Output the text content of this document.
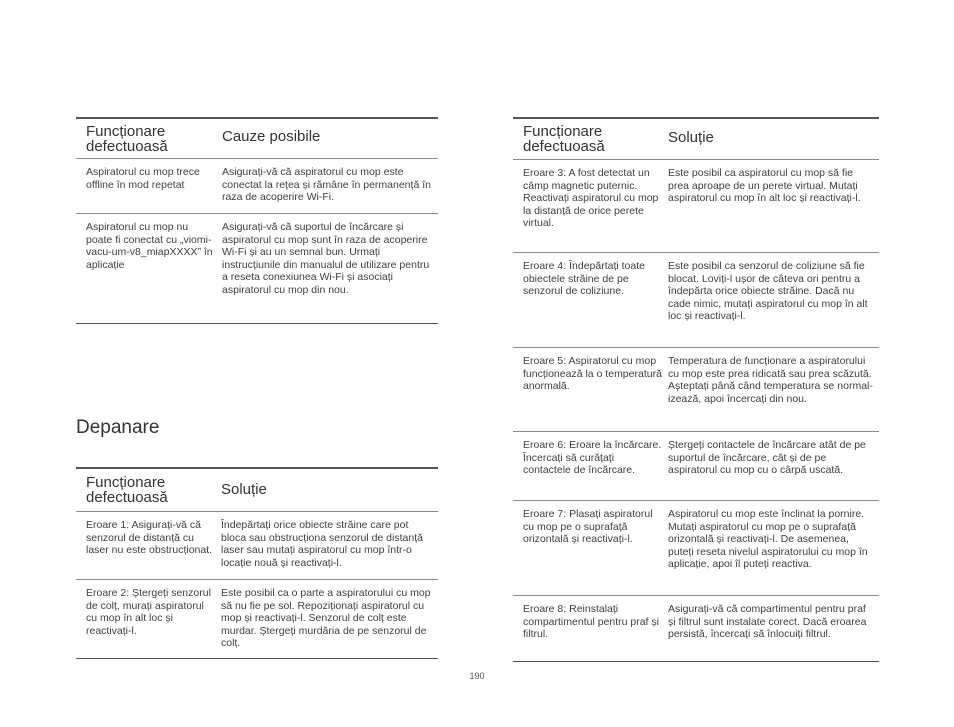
Funcționare defectuoasă
Cauze posibile
Aspiratorul cu mop trece offline în mod repetat
Asigurați-vă că aspiratorul cu mop este conectat la rețea și rămâne în permanență în raza de acoperire Wi-Fi.
Aspiratorul cu mop nu poate fi conectat cu „viomi-vacu-um-v8_miapXXXX” în aplicație
Asigurați-vă că suportul de încărcare și aspiratorul cu mop sunt în raza de acoperire Wi-Fi și au un semnal bun. Urmați instrucțiunile din manualul de utilizare pentru a reseta conexiunea Wi-Fi și asociați aspiratorul cu mop din nou.
Depanare
Funcționare defectuoasă	Soluție
Eroare 1: Asigurați-vă că senzorul de distanță cu laser nu este obstrucționat.
Îndepărtați orice obiecte străine care pot bloca sau obstrucționa senzorul de distanță laser sau mutați aspiratorul cu mop într-o locație nouă și reactivați-l.
Eroare 2: Ștergeți senzorul de colț, murați aspiratorul cu mop în alt loc și reactivați-l.
Este posibil ca o parte a aspiratorului cu mop să nu fie pe sol. Repoziționați aspiratorul cu mop și reactivați-l. Senzorul de colț este murdar. Ștergeți murdăria de pe senzorul de colț.
Funcționare defectuoasă
Soluție
Eroare 3: A fost detectat un câmp magnetic puternic. Reactivați aspiratorul cu mop la distanță de orice perete virtual.
Este posibil ca aspiratorul cu mop să fie prea aproape de un perete virtual. Mutați aspiratorul cu mop în alt loc și reactivați-l.
Eroare 4: Îndepărtați toate obiectele străine de pe senzorul de coliziune.
Este posibil ca senzorul de coliziune să fie blocat. Loviți-l ușor de câteva ori pentru a îndepărta orice obiecte străine. Dacă nu cade nimic, mutați aspiratorul cu mop în alt loc și reactivați-l.
Eroare 5: Aspiratorul cu mop funcționează la o temperatură anormală.
Temperatura de funcționare a aspiratorului cu mop este prea ridicată sau prea scăzută. Așteptați până când temperatura se normal-izează, apoi încercați din nou.
Eroare 6: Eroare la încărcare. Încercați să curățați contactele de încărcare.
Ștergeți contactele de încărcare atât de pe suportul de încărcare, cât și de pe aspiratorul cu mop cu o cârpă uscată.
Eroare 7: Plasați aspiratorul cu mop pe o suprafață orizontală și reactivați-l.
Aspiratorul cu mop este înclinat la pornire. Mutați aspiratorul cu mop pe o suprafață orizontală și reactivați-l. De asemenea, puteți reseta nivelul aspiratorului cu mop în aplicație, apoi îl puteți reactiva.
Eroare 8: Reinstalați compartimentul pentru praf și filtrul.
Asigurați-vă că compartimentul pentru praf și filtrul sunt instalate corect. Dacă eroarea persistă, încercați să înlocuiți filtrul.
190
